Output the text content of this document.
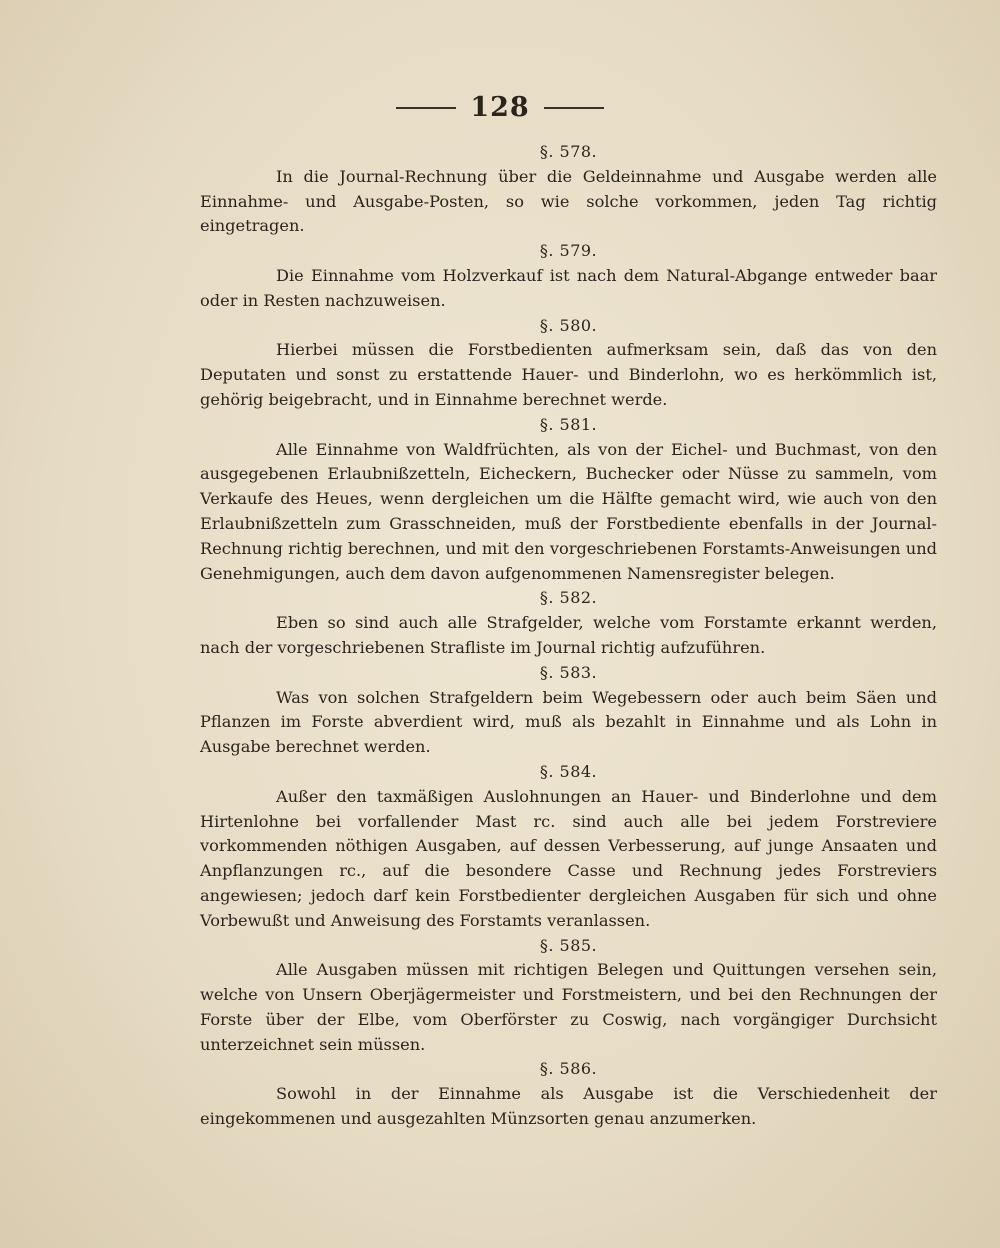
128

§. 578.

In die Journal-Rechnung über die Geldeinnahme und Ausgabe werden alle Einnahme- und Ausgabe-Posten, so wie solche vorkommen, jeden Tag richtig eingetragen.

§. 579.

Die Einnahme vom Holzverkauf ist nach dem Natural-Abgange entweder baar oder in Resten nachzuweisen.

§. 580.

Hierbei müssen die Forstbedienten aufmerksam sein, daß das von den Deputaten und sonst zu erstattende Hauer- und Binderlohn, wo es herkömmlich ist, gehörig beigebracht, und in Einnahme berechnet werde.

§. 581.

Alle Einnahme von Waldfrüchten, als von der Eichel- und Buchmast, von den ausgegebenen Erlaubnißzetteln, Eicheckern, Buchecker oder Nüsse zu sammeln, vom Verkaufe des Heues, wenn dergleichen um die Hälfte gemacht wird, wie auch von den Erlaubnißzetteln zum Grasschneiden, muß der Forstbediente ebenfalls in der Journal-Rechnung richtig berechnen, und mit den vorgeschriebenen Forstamts-Anweisungen und Genehmigungen, auch dem davon aufgenommenen Namensregister belegen.

§. 582.

Eben so sind auch alle Strafgelder, welche vom Forstamte erkannt werden, nach der vorgeschriebenen Strafliste im Journal richtig aufzuführen.

§. 583.

Was von solchen Strafgeldern beim Wegebessern oder auch beim Säen und Pflanzen im Forste abverdient wird, muß als bezahlt in Einnahme und als Lohn in Ausgabe berechnet werden.

§. 584.

Außer den taxmäßigen Auslohnungen an Hauer- und Binderlohne und dem Hirtenlohne bei vorfallender Mast rc. sind auch alle bei jedem Forstreviere vorkommenden nöthigen Ausgaben, auf dessen Verbesserung, auf junge Ansaaten und Anpflanzungen rc., auf die besondere Casse und Rechnung jedes Forstreviers angewiesen; jedoch darf kein Forstbedienter dergleichen Ausgaben für sich und ohne Vorbewußt und Anweisung des Forstamts veranlassen.

§. 585.

Alle Ausgaben müssen mit richtigen Belegen und Quittungen versehen sein, welche von Unsern Oberjägermeister und Forstmeistern, und bei den Rechnungen der Forste über der Elbe, vom Oberförster zu Coswig, nach vorgängiger Durchsicht unterzeichnet sein müssen.

§. 586.

Sowohl in der Einnahme als Ausgabe ist die Verschiedenheit der eingekommenen und ausgezahlten Münzsorten genau anzumerken.
